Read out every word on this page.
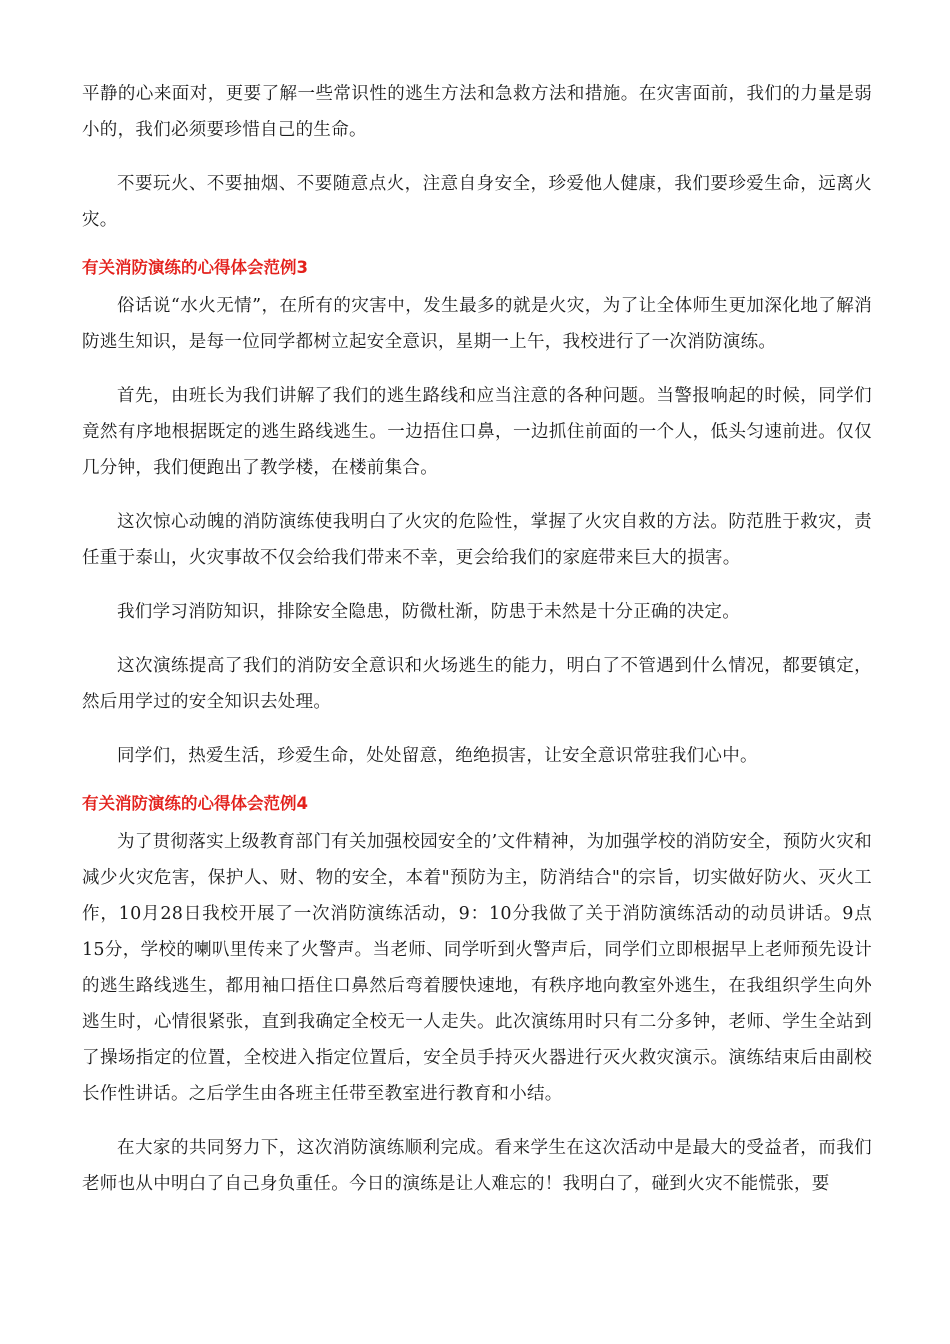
平静的心来面对，更要了解一些常识性的逃生方法和急救方法和措施。在灾害面前，我们的力量是弱小的，我们必须要珍惜自己的生命。

不要玩火、不要抽烟、不要随意点火，注意自身安全，珍爱他人健康，我们要珍爱生命，远离火灾。

有关消防演练的心得体会范例3

俗话说“水火无情”，在所有的灾害中，发生最多的就是火灾，为了让全体师生更加深化地了解消防逃生知识，是每一位同学都树立起安全意识，星期一上午，我校进行了一次消防演练。

首先，由班长为我们讲解了我们的逃生路线和应当注意的各种问题。当警报响起的时候，同学们竟然有序地根据既定的逃生路线逃生。一边捂住口鼻，一边抓住前面的一个人，低头匀速前进。仅仅几分钟，我们便跑出了教学楼，在楼前集合。

这次惊心动魄的消防演练使我明白了火灾的危险性，掌握了火灾自救的方法。防范胜于救灾，责任重于泰山，火灾事故不仅会给我们带来不幸，更会给我们的家庭带来巨大的损害。

我们学习消防知识，排除安全隐患，防微杜渐，防患于未然是十分正确的决定。

这次演练提高了我们的消防安全意识和火场逃生的能力，明白了不管遇到什么情况，都要镇定，然后用学过的安全知识去处理。

同学们，热爱生活，珍爱生命，处处留意，绝绝损害，让安全意识常驻我们心中。

有关消防演练的心得体会范例4

为了贯彻落实上级教育部门有关加强校园安全的’文件精神，为加强学校的消防安全，预防火灾和减少火灾危害，保护人、财、物的安全，本着"预防为主，防消结合"的宗旨，切实做好防火、灭火工作，10月28日我校开展了一次消防演练活动，9：10分我做了关于消防演练活动的动员讲话。9点15分，学校的喇叭里传来了火警声。当老师、同学听到火警声后，同学们立即根据早上老师预先设计的逃生路线逃生，都用袖口捂住口鼻然后弯着腰快速地，有秩序地向教室外逃生，在我组织学生向外逃生时，心情很紧张，直到我确定全校无一人走失。此次演练用时只有二分多钟，老师、学生全站到了操场指定的位置，全校进入指定位置后，安全员手持灭火器进行灭火救灾演示。演练结束后由副校长作性讲话。之后学生由各班主任带至教室进行教育和小结。

在大家的共同努力下，这次消防演练顺利完成。看来学生在这次活动中是最大的受益者，而我们老师也从中明白了自己身负重任。今日的演练是让人难忘的！我明白了，碰到火灾不能慌张，要
